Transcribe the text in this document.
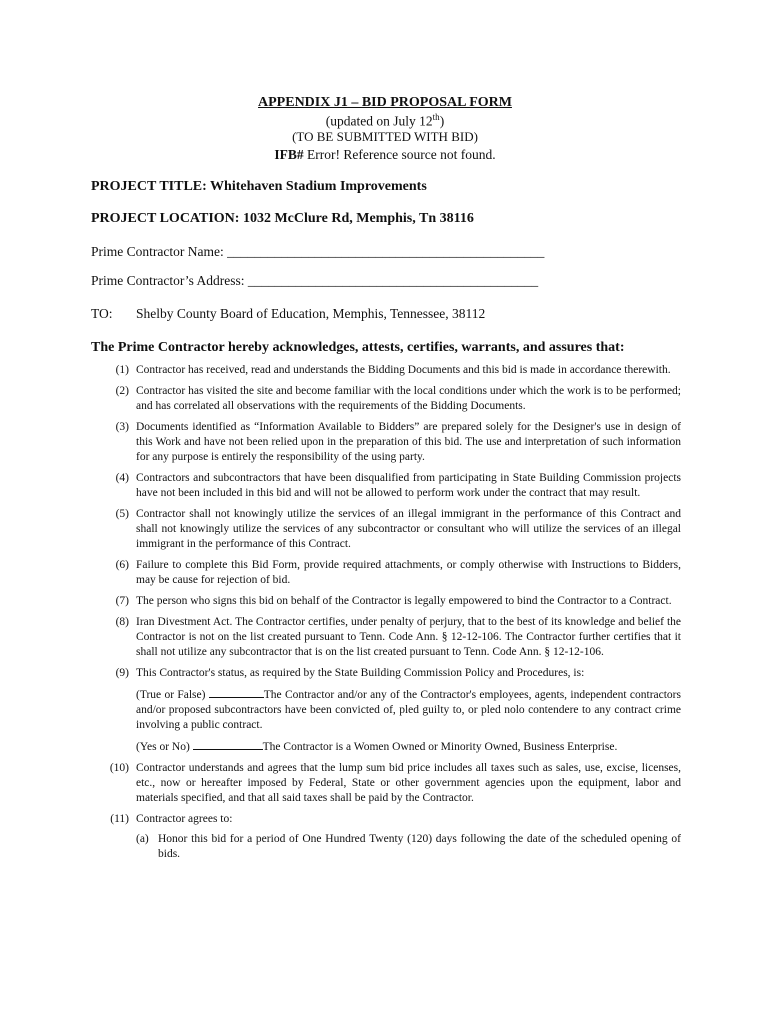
APPENDIX J1 – BID PROPOSAL FORM
(updated on July 12th)
(TO BE SUBMITTED WITH BID)
IFB# Error! Reference source not found.
PROJECT TITLE: Whitehaven Stadium Improvements
PROJECT LOCATION: 1032 McClure Rd, Memphis, Tn 38116
Prime Contractor Name: _______________________________________________
Prime Contractor’s Address: ___________________________________________
TO: Shelby County Board of Education, Memphis, Tennessee, 38112
The Prime Contractor hereby acknowledges, attests, certifies, warrants, and assures that:
(1) Contractor has received, read and understands the Bidding Documents and this bid is made in accordance therewith.
(2) Contractor has visited the site and become familiar with the local conditions under which the work is to be performed; and has correlated all observations with the requirements of the Bidding Documents.
(3) Documents identified as “Information Available to Bidders” are prepared solely for the Designer's use in design of this Work and have not been relied upon in the preparation of this bid. The use and interpretation of such information for any purpose is entirely the responsibility of the using party.
(4) Contractors and subcontractors that have been disqualified from participating in State Building Commission projects have not been included in this bid and will not be allowed to perform work under the contract that may result.
(5) Contractor shall not knowingly utilize the services of an illegal immigrant in the performance of this Contract and shall not knowingly utilize the services of any subcontractor or consultant who will utilize the services of an illegal immigrant in the performance of this Contract.
(6) Failure to complete this Bid Form, provide required attachments, or comply otherwise with Instructions to Bidders, may be cause for rejection of bid.
(7) The person who signs this bid on behalf of the Contractor is legally empowered to bind the Contractor to a Contract.
(8) Iran Divestment Act. The Contractor certifies, under penalty of perjury, that to the best of its knowledge and belief the Contractor is not on the list created pursuant to Tenn. Code Ann. § 12-12-106. The Contractor further certifies that it shall not utilize any subcontractor that is on the list created pursuant to Tenn. Code Ann. § 12-12-106.
(9) This Contractor's status, as required by the State Building Commission Policy and Procedures, is:
(True or False)	The Contractor and/or any of the Contractor's employees, agents, independent contractors and/or proposed subcontractors have been convicted of, pled guilty to, or pled nolo contendere to any contract crime involving a public contract.
(Yes or No)	The Contractor is a Women Owned or Minority Owned, Business Enterprise.
(10) Contractor understands and agrees that the lump sum bid price includes all taxes such as sales, use, excise, licenses, etc., now or hereafter imposed by Federal, State or other government agencies upon the equipment, labor and materials specified, and that all said taxes shall be paid by the Contractor.
(11) Contractor agrees to:
(a) Honor this bid for a period of One Hundred Twenty (120) days following the date of the scheduled opening of bids.
